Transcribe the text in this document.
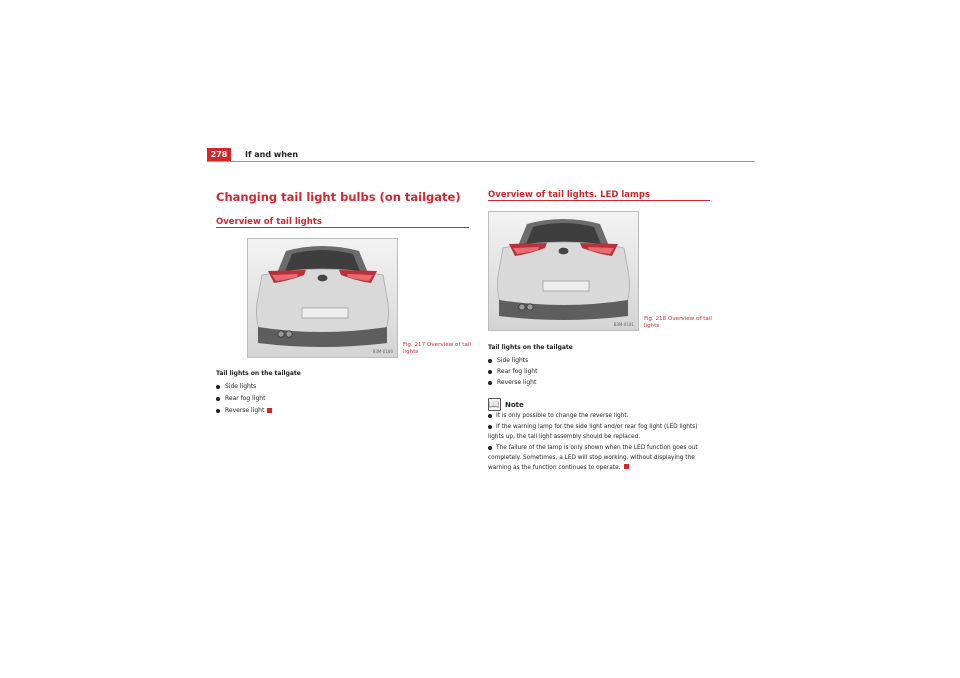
278	If and when
Changing tail light bulbs (on tailgate)
Overview of tail lights
B3M-0180
Fig. 217 Overview of tail
lights
Tail lights on the tailgate
Side lights
Rear fog light
Reverse light
Overview of tail lights. LED lamps
B3M-0181
Fig. 218 Overview of tail
lights
Tail lights on the tailgate
Side lights
Rear fog light
Reverse light
📖 Note
It is only possible to change the reverse light.
If the warning lamp for the side light and/or rear fog light (LED lights)
lights up, the tail light assembly should be replaced.
The failure of the lamp is only shown when the LED function goes out
completely. Sometimes, a LED will stop working, without displaying the
warning as the function continues to operate.
